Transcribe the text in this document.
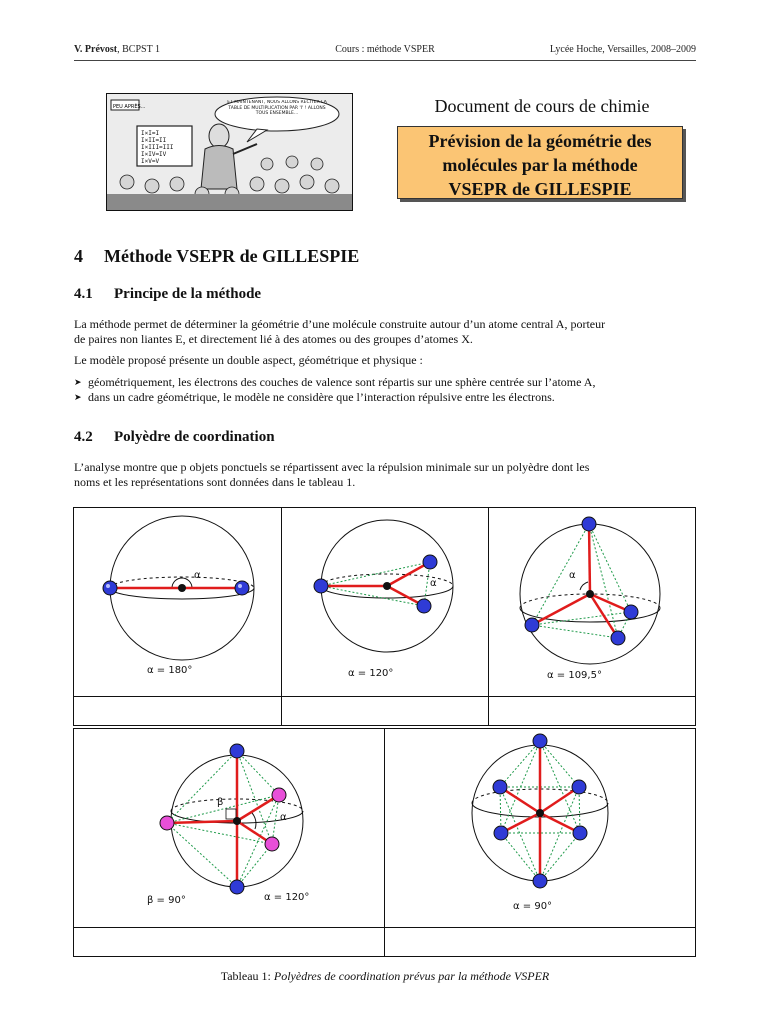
V. Prévost, BCPST 1	Cours : méthode VSPER	Lycée Hoche, Versailles, 2008–2009
I×I=I
I×II=II
I×III=III
I×IV=IV
I×V=V
PEU APRÈS...
ET MAINTENANT, NOUS ALLONS RÉCITER LA TABLE DE MULTIPLICATION PAR 'I' ! ALLONS TOUS ENSEMBLE...	Document de cours de chimie
Prévision de la géométrie des
molécules par la méthode
VSEPR de GILLESPIE
4 Méthode VSEPR de GILLESPIE
4.1 Principe de la méthode
La méthode permet de déterminer la géométrie d’une molécule construite autour d’un atome central A, porteur
de paires non liantes E, et directement lié à des atomes ou des groupes d’atomes X.
Le modèle proposé présente un double aspect, géométrique et physique :
➤ géométriquement, les électrons des couches de valence sont répartis sur une sphère centrée sur l’atome A,
➤ dans un cadre géométrique, le modèle ne considère que l’interaction répulsive entre les électrons.
4.2 Polyèdre de coordination
L’analyse montre que p objets ponctuels se répartissent avec la répulsion minimale sur un polyèdre dont les
noms et les représentations sont données dans le tableau 1.
α
α = 180°
α
α = 120°
α
α = 109,5°
β
α
β = 90°	α = 120°
α = 90°
Tableau 1: Polyèdres de coordination prévus par la méthode VSPER
